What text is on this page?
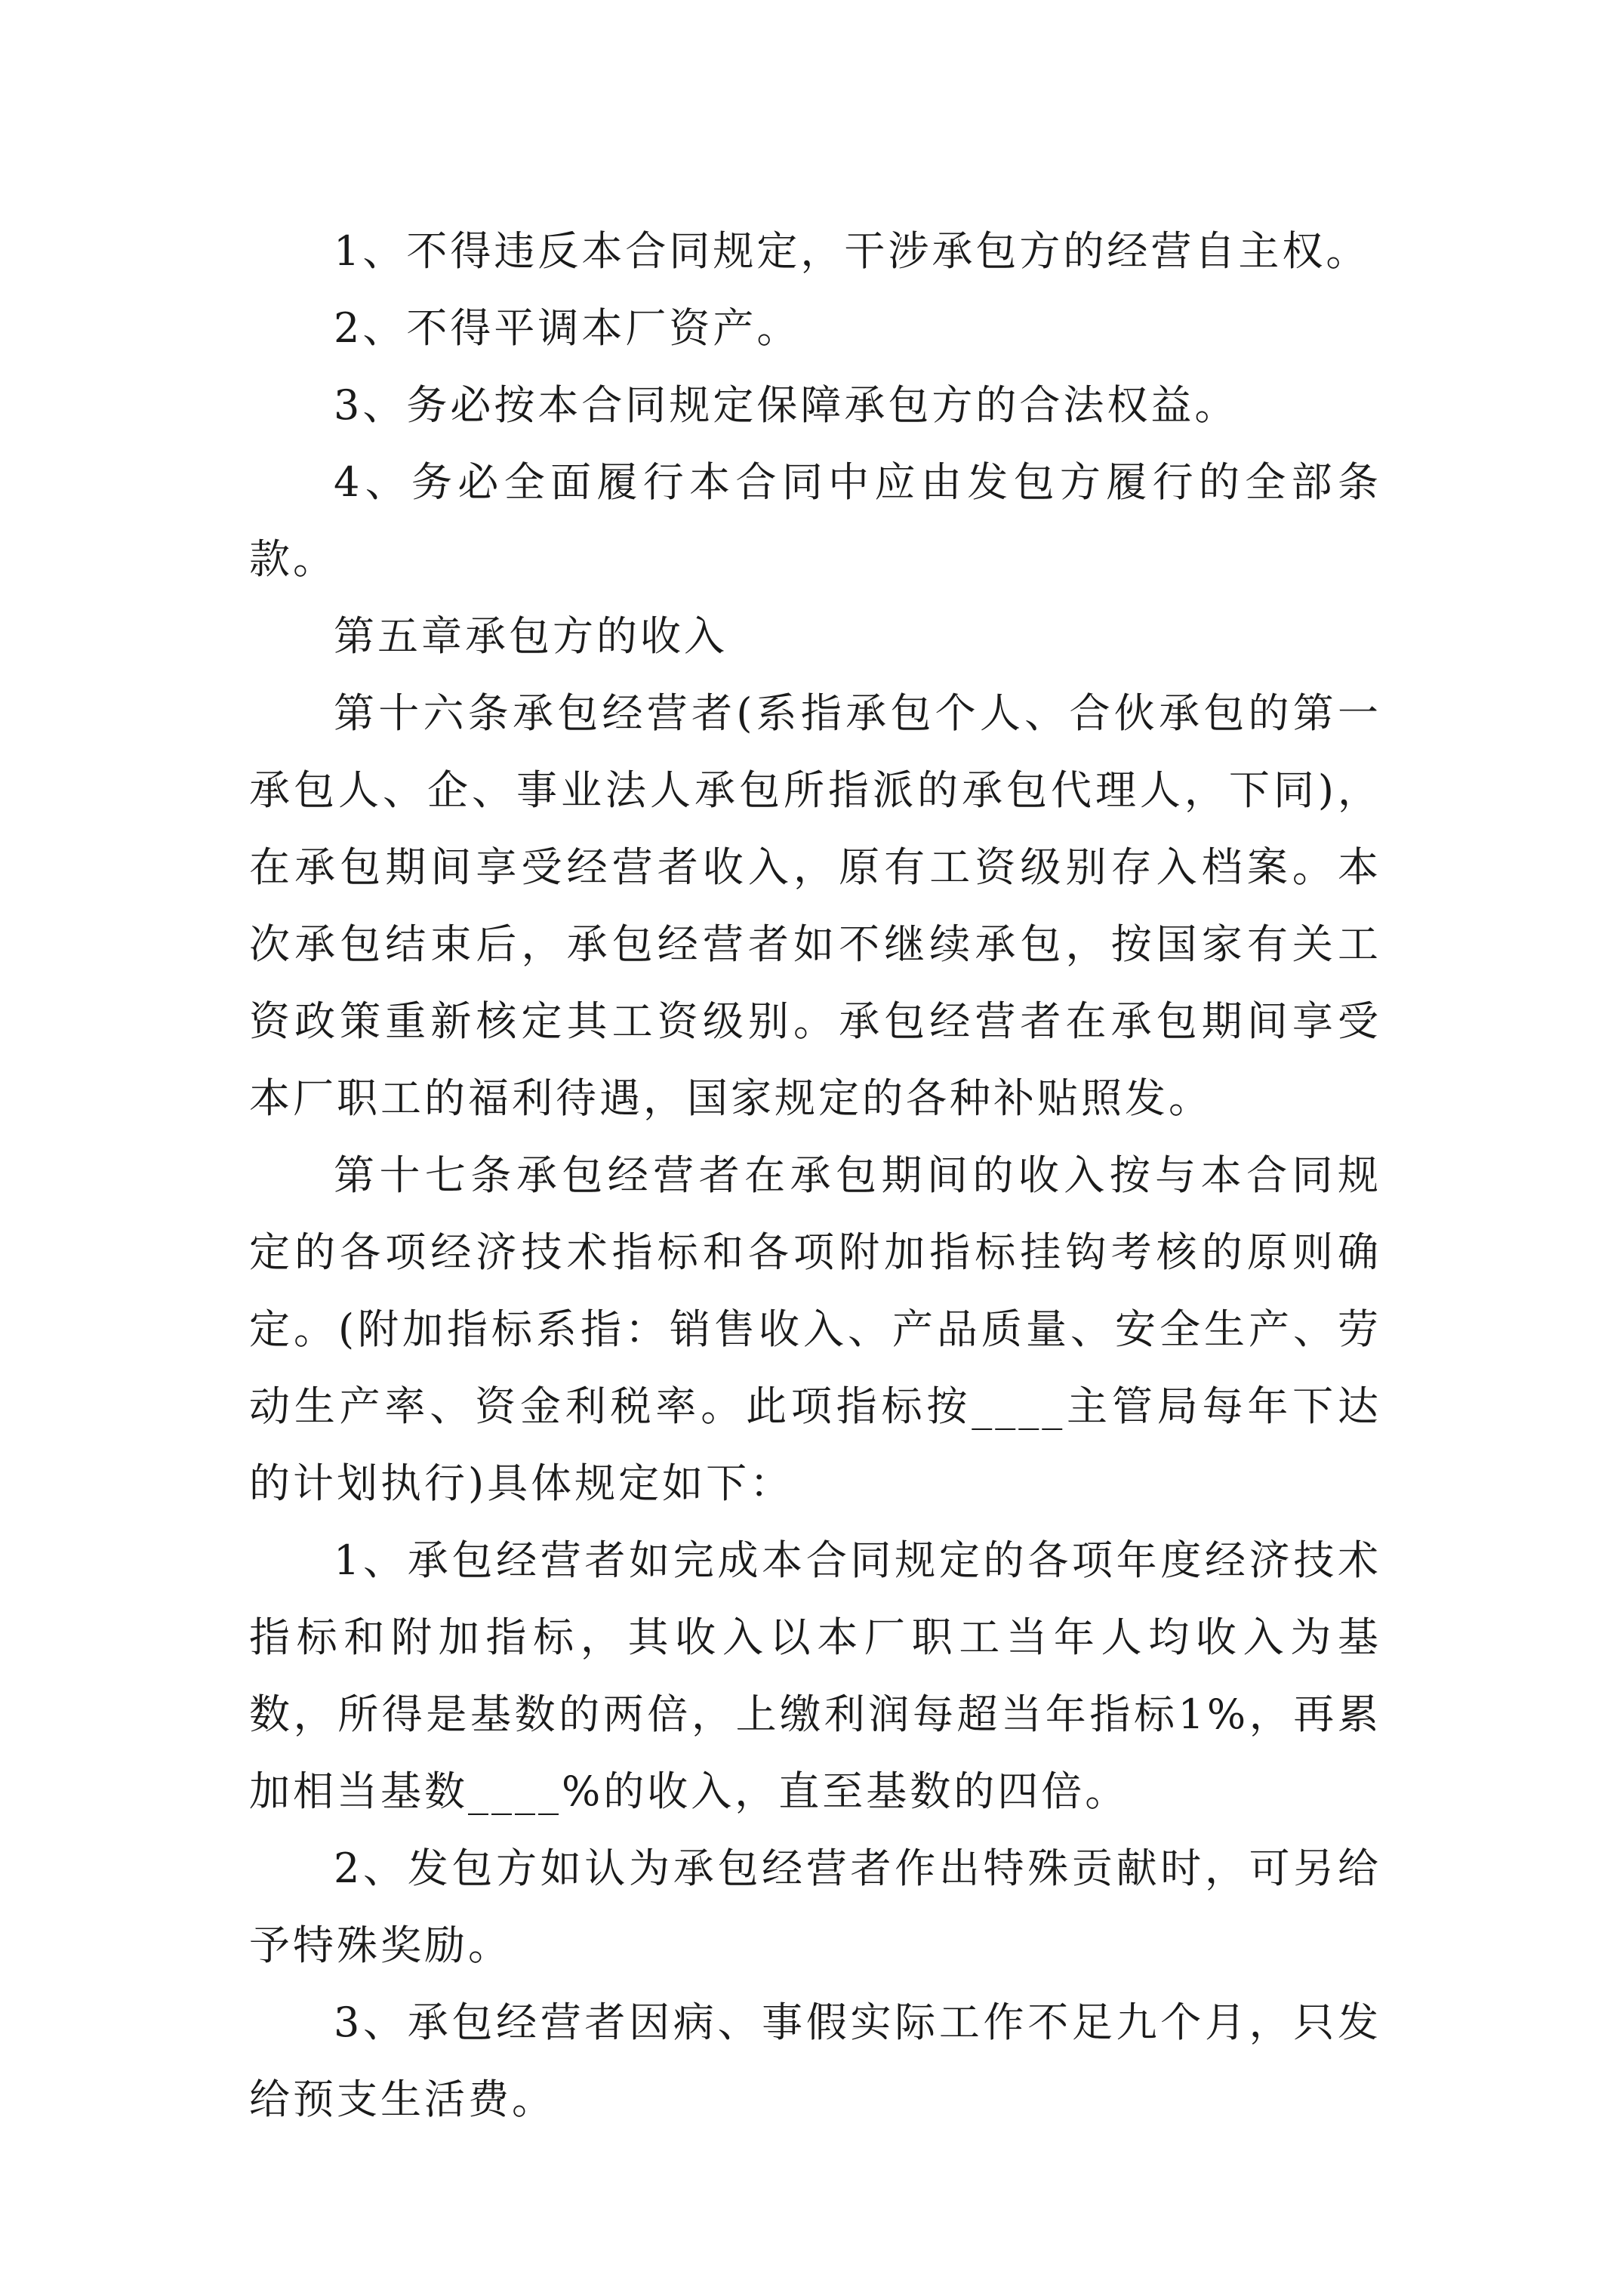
1、不得违反本合同规定，干涉承包方的经营自主权。

2、不得平调本厂资产。

3、务必按本合同规定保障承包方的合法权益。

4、务必全面履行本合同中应由发包方履行的全部条款。

第五章承包方的收入

第十六条承包经营者(系指承包个人、合伙承包的第一承包人、企、事业法人承包所指派的承包代理人，下同)，在承包期间享受经营者收入，原有工资级别存入档案。本次承包结束后，承包经营者如不继续承包，按国家有关工资政策重新核定其工资级别。承包经营者在承包期间享受本厂职工的福利待遇，国家规定的各种补贴照发。

第十七条承包经营者在承包期间的收入按与本合同规定的各项经济技术指标和各项附加指标挂钩考核的原则确定。(附加指标系指：销售收入、产品质量、安全生产、劳动生产率、资金利税率。此项指标按____主管局每年下达的计划执行)具体规定如下：

1、承包经营者如完成本合同规定的各项年度经济技术指标和附加指标，其收入以本厂职工当年人均收入为基数，所得是基数的两倍，上缴利润每超当年指标1%，再累加相当基数____%的收入，直至基数的四倍。

2、发包方如认为承包经营者作出特殊贡献时，可另给予特殊奖励。

3、承包经营者因病、事假实际工作不足九个月，只发给预支生活费。
